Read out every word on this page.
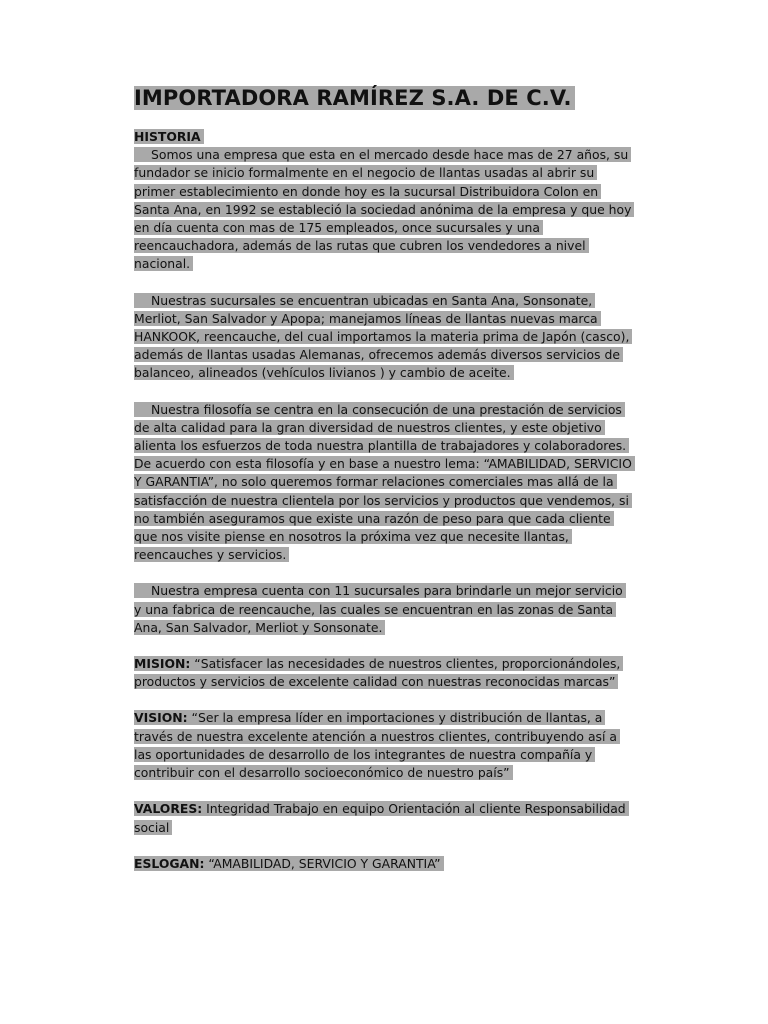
IMPORTADORA RAMÍREZ S.A. DE C.V.

HISTORIA

Somos una empresa que esta en el mercado desde hace mas de 27 años, su fundador se inicio formalmente en el negocio de llantas usadas al abrir su primer establecimiento en donde hoy es la sucursal Distribuidora Colon en Santa Ana, en 1992 se estableció la sociedad anónima de la empresa y que hoy en día cuenta con mas de 175 empleados, once sucursales y una reencauchadora, además de las rutas que cubren los vendedores a nivel nacional.

Nuestras sucursales se encuentran ubicadas en Santa Ana, Sonsonate, Merliot, San Salvador y Apopa; manejamos líneas de llantas nuevas marca HANKOOK, reencauche, del cual importamos la materia prima de Japón (casco), además de llantas usadas Alemanas, ofrecemos además diversos servicios de balanceo, alineados (vehículos livianos ) y cambio de aceite.

Nuestra filosofía se centra en la consecución de una prestación de servicios de alta calidad para la gran diversidad de nuestros clientes, y este objetivo alienta los esfuerzos de toda nuestra plantilla de trabajadores y colaboradores. De acuerdo con esta filosofía y en base a nuestro lema: “AMABILIDAD, SERVICIO Y GARANTIA”, no solo queremos formar relaciones comerciales mas allá de la satisfacción de nuestra clientela por los servicios y productos que vendemos, si no también aseguramos que existe una razón de peso para que cada cliente que nos visite piense en nosotros la próxima vez que necesite llantas, reencauches y servicios.

Nuestra empresa cuenta con 11 sucursales para brindarle un mejor servicio y una fabrica de reencauche, las cuales se encuentran en las zonas de Santa Ana, San Salvador, Merliot y Sonsonate.

MISION: “Satisfacer las necesidades de nuestros clientes, proporcionándoles, productos y servicios de excelente calidad con nuestras reconocidas marcas”

VISION: “Ser la empresa líder en importaciones y distribución de llantas, a través de nuestra excelente atención a nuestros clientes, contribuyendo así a las oportunidades de desarrollo de los integrantes de nuestra compañía y contribuir con el desarrollo socioeconómico de nuestro país”

VALORES: Integridad Trabajo en equipo Orientación al cliente Responsabilidad social

ESLOGAN: “AMABILIDAD, SERVICIO Y GARANTIA”
